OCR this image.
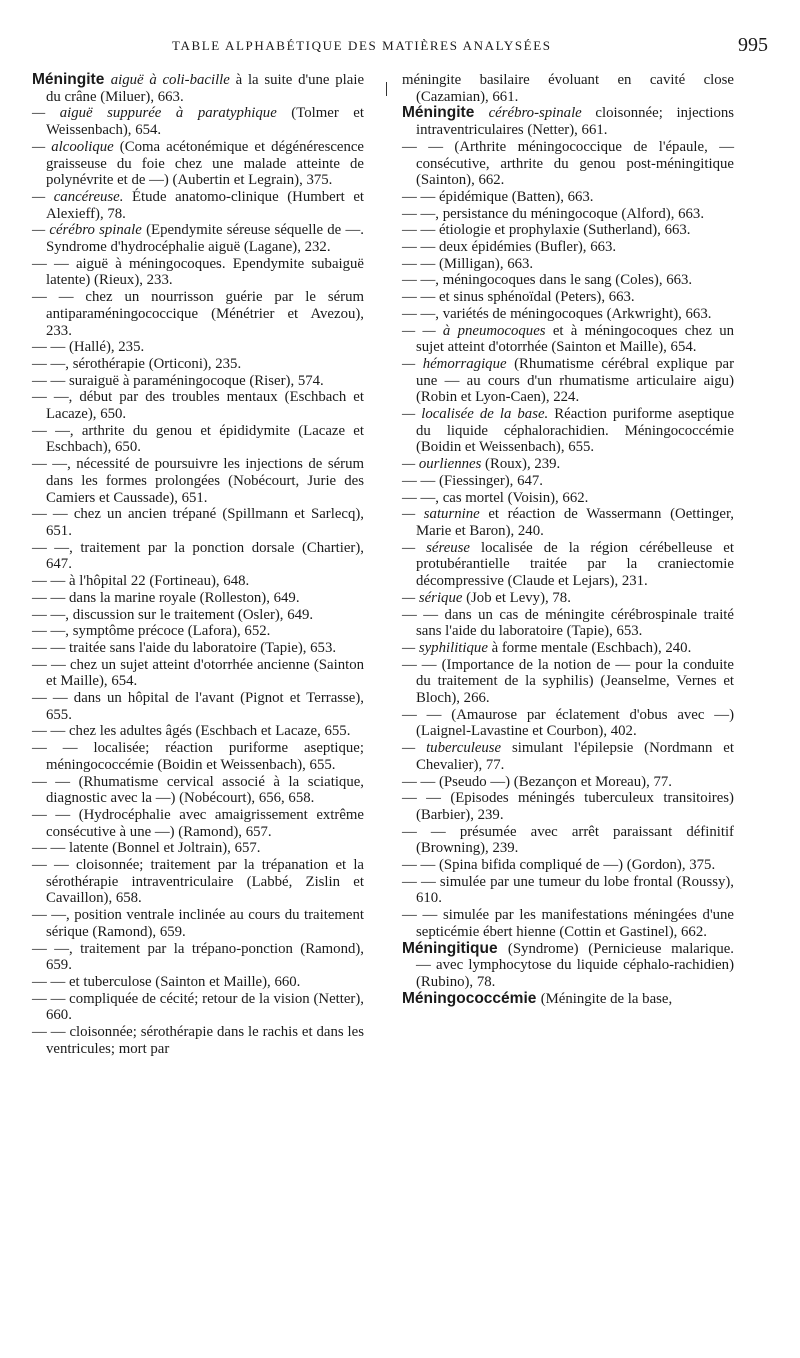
TABLE ALPHABÉTIQUE DES MATIÈRES ANALYSÉES	995

Méningite aiguë à coli-bacille à la suite d'une plaie du crâne (Miluer), 663.

— aiguë suppurée à paratyphique (Tolmer et Weissenbach), 654.

— alcoolique (Coma acétonémique et dégénérescence graisseuse du foie chez une malade atteinte de polynévrite et de —) (Aubertin et Legrain), 375.

— cancéreuse. Étude anatomo-clinique (Humbert et Alexieff), 78.

— cérébro spinale (Ependymite séreuse séquelle de —. Syndrome d'hydrocéphalie aiguë (Lagane), 232.

— — aiguë à méningocoques. Ependymite subaiguë latente) (Rieux), 233.

— — chez un nourrisson guérie par le sérum antiparaméningococcique (Ménétrier et Avezou), 233.

— — (Hallé), 235.

— —, sérothérapie (Orticoni), 235.

— — suraiguë à paraméningocoque (Riser), 574.

— —, début par des troubles mentaux (Eschbach et Lacaze), 650.

— —, arthrite du genou et épididymite (Lacaze et Eschbach), 650.

— —, nécessité de poursuivre les injections de sérum dans les formes prolongées (Nobécourt, Jurie des Camiers et Caussade), 651.

— — chez un ancien trépané (Spillmann et Sarlecq), 651.

— —, traitement par la ponction dorsale (Chartier), 647.

— — à l'hôpital 22 (Fortineau), 648.

— — dans la marine royale (Rolleston), 649.

— —, discussion sur le traitement (Osler), 649.

— —, symptôme précoce (Lafora), 652.

— — traitée sans l'aide du laboratoire (Tapie), 653.

— — chez un sujet atteint d'otorrhée ancienne (Sainton et Maille), 654.

— — dans un hôpital de l'avant (Pignot et Terrasse), 655.

— — chez les adultes âgés (Eschbach et Lacaze, 655.

— — localisée; réaction puriforme aseptique; méningococcémie (Boidin et Weissenbach), 655.

— — (Rhumatisme cervical associé à la sciatique, diagnostic avec la —) (Nobécourt), 656, 658.

— — (Hydrocéphalie avec amaigrissement extrême consécutive à une —) (Ramond), 657.

— — latente (Bonnel et Joltrain), 657.

— — cloisonnée; traitement par la trépanation et la sérothérapie intraventriculaire (Labbé, Zislin et Cavaillon), 658.

— —, position ventrale inclinée au cours du traitement sérique (Ramond), 659.

— —, traitement par la trépano-ponction (Ramond), 659.

— — et tuberculose (Sainton et Maille), 660.

— — compliquée de cécité; retour de la vision (Netter), 660.

— — cloisonnée; sérothérapie dans le rachis et dans les ventricules; mort par

méningite basilaire évoluant en cavité close (Cazamian), 661.

Méningite cérébro-spinale cloisonnée; injections intraventriculaires (Netter), 661.

— — (Arthrite méningococcique de l'épaule, — consécutive, arthrite du genou post-méningitique (Sainton), 662.

— — épidémique (Batten), 663.

— —, persistance du méningocoque (Alford), 663.

— — étiologie et prophylaxie (Sutherland), 663.

— — deux épidémies (Bufler), 663.

— — (Milligan), 663.

— —, méningocoques dans le sang (Coles), 663.

— — et sinus sphénoïdal (Peters), 663.

— —, variétés de méningocoques (Arkwright), 663.

— — à pneumocoques et à méningocoques chez un sujet atteint d'otorrhée (Sainton et Maille), 654.

— hémorragique (Rhumatisme cérébral explique par une — au cours d'un rhumatisme articulaire aigu) (Robin et Lyon-Caen), 224.

— localisée de la base. Réaction puriforme aseptique du liquide céphalorachidien. Méningococcémie (Boidin et Weissenbach), 655.

— ourliennes (Roux), 239.

— — (Fiessinger), 647.

— —, cas mortel (Voisin), 662.

— saturnine et réaction de Wassermann (Oettinger, Marie et Baron), 240.

— séreuse localisée de la région cérébelleuse et protubérantielle traitée par la craniectomie décompressive (Claude et Lejars), 231.

— sérique (Job et Levy), 78.

— — dans un cas de méningite cérébrospinale traité sans l'aide du laboratoire (Tapie), 653.

— syphilitique à forme mentale (Eschbach), 240.

— — (Importance de la notion de — pour la conduite du traitement de la syphilis) (Jeanselme, Vernes et Bloch), 266.

— — (Amaurose par éclatement d'obus avec —) (Laignel-Lavastine et Courbon), 402.

— tuberculeuse simulant l'épilepsie (Nordmann et Chevalier), 77.

— — (Pseudo —) (Bezançon et Moreau), 77.

— — (Episodes méningés tuberculeux transitoires) (Barbier), 239.

— — présumée avec arrêt paraissant définitif (Browning), 239.

— — (Spina bifida compliqué de —) (Gordon), 375.

— — simulée par une tumeur du lobe frontal (Roussy), 610.

— — simulée par les manifestations méningées d'une septicémie ébert hienne (Cottin et Gastinel), 662.

Méningitique (Syndrome) (Pernicieuse malarique. — avec lymphocytose du liquide céphalo-rachidien) (Rubino), 78.

Méningococcémie (Méningite de la base,
